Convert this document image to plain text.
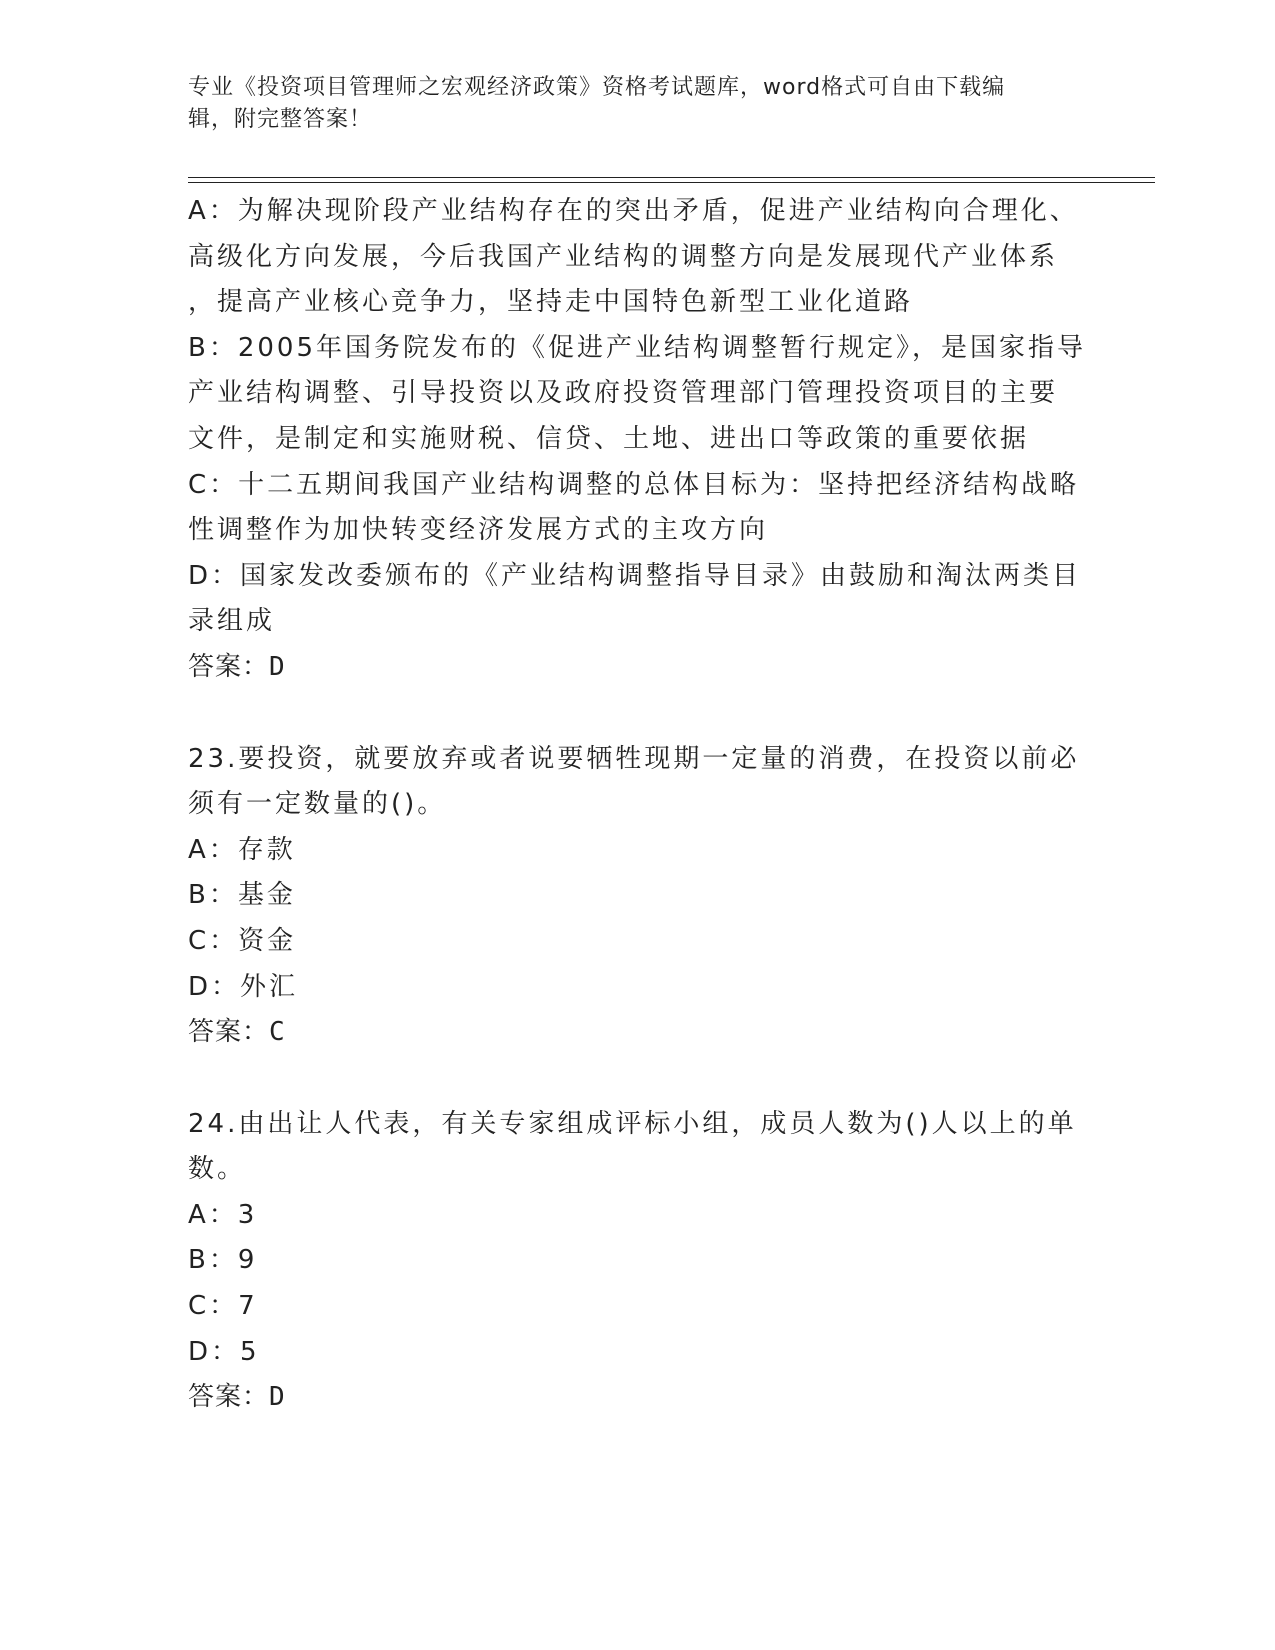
专业《投资项目管理师之宏观经济政策》资格考试题库，word格式可自由下载编
辑，附完整答案！
A：为解决现阶段产业结构存在的突出矛盾，促进产业结构向合理化、
高级化方向发展，今后我国产业结构的调整方向是发展现代产业体系
，提高产业核心竞争力，坚持走中国特色新型工业化道路
B：2005年国务院发布的《促进产业结构调整暂行规定》，是国家指导
产业结构调整、引导投资以及政府投资管理部门管理投资项目的主要
文件，是制定和实施财税、信贷、土地、进出口等政策的重要依据
C：十二五期间我国产业结构调整的总体目标为：坚持把经济结构战略
性调整作为加快转变经济发展方式的主攻方向
D：国家发改委颁布的《产业结构调整指导目录》由鼓励和淘汰两类目
录组成
答案：D
23.要投资，就要放弃或者说要牺牲现期一定量的消费，在投资以前必
须有一定数量的()。
A：存款
B：基金
C：资金
D：外汇
答案：C
24.由出让人代表，有关专家组成评标小组，成员人数为()人以上的单
数。
A：3
B：9
C：7
D：5
答案：D
